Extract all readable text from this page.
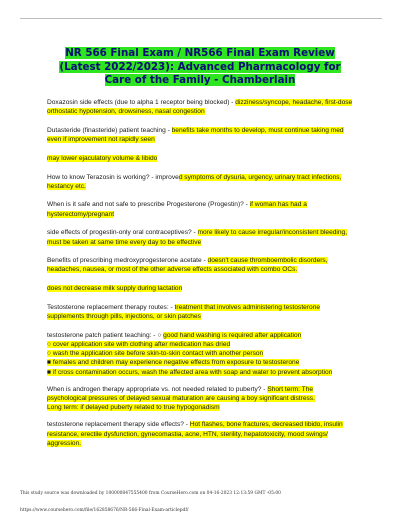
NR 566 Final Exam / NR566 Final Exam Review (Latest 2022/2023): Advanced Pharmacology for Care of the Family - Chamberlain
Doxazosin side effects (due to alpha 1 receptor being blocked) - dizziness/syncope, headache, first-dose orthostatic hypotension, drowsiness, nasal congestion
Dutasteride (finasteride) patient teaching - benefits take months to develop, must continue taking med even if improvement not rapidly seen
may lower ejaculatory volume & libido
How to know Terazosin is working? - improved symptoms of dysuria, urgency, urinary tract infections, hestancy etc.
When is it safe and not safe to prescribe Progesterone (Progestin)? - if woman has had a hysterectomy/pregnant
side effects of progestin-only oral contraceptives? - more likely to cause irregular/inconsistent bleeding, must be taken at same time every day to be effective
Benefits of prescribing medroxyprogesterone acetate - doesn't cause thromboembolic disorders, headaches, nausea, or most of the other adverse effects associated with combo OCs.
does not decrease milk supply during lactation
Testosterone replacement therapy routes: - treatment that involves administering testosterone supplements through pills, injections, or skin patches
testosterone patch patient teaching: - ○ good hand washing is required after application
○ cover application site with clothing after medication has dried
○ wash the application site before skin-to-skin contact with another person
■ females and children may experience negative effects from exposure to testosterone
■ if cross contamination occurs, wash the affected area with soap and water to prevent absorption
When is androgen therapy appropriate vs. not needed related to puberty? - Short term: The psychological pressures of delayed sexual maturation are causing a boy significant distress.
Long term: if delayed puberty related to true hypogonadism
testosterone replacement therapy side effects? - Hot flashes, bone fractures, decreased libido, insulin resistance, erectile dysfunction, gynecomastia, acne, HTN, sterility, hepatotoxicity, mood swings/ aggression.
This study source was downloaded by 100000847555400 from CourseHero.com on 04-16-2023 12:13:59 GMT -05:00
https://www.coursehero.com/file/162858676/NR-566-Final-Exam-articlepdf/
